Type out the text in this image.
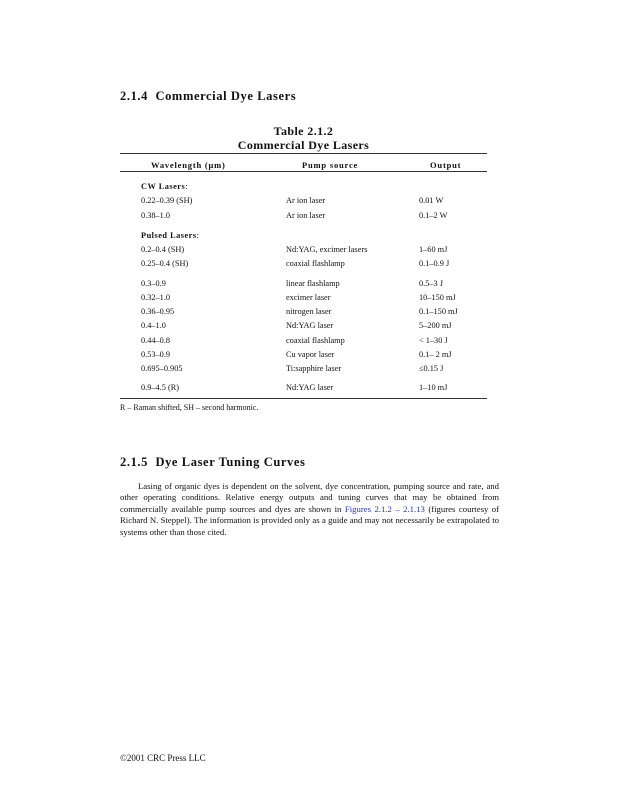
2.1.4 Commercial Dye Lasers
Table 2.1.2
Commercial Dye Lasers
Wavelength (μm)	Pump source	Output
CW Lasers:
0.22–0.39 (SH)	Ar ion laser	0.01 W
0.38–1.0	Ar ion laser	0.1–2 W
Pulsed Lasers:
0.2–0.4 (SH)	Nd:YAG, excimer lasers	1–60 mJ
0.25–0.4 (SH)	coaxial flashlamp	0.1–0.9 J
0.3–0.9	linear flashlamp	0.5–3 J
0.32–1.0	excimer laser	10–150 mJ
0.36–0.95	nitrogen laser	0.1–150 mJ
0.4–1.0	Nd:YAG laser	5–200 mJ
0.44–0.8	coaxial flashlamp	< 1–30 J
0.53–0.9	Cu vapor laser	0.1– 2 mJ
0.695–0.905	Ti:sapphire laser	≤0.15 J
0.9–4.5 (R)	Nd:YAG laser	1–10 mJ
R – Raman shifted, SH – second harmonic.
2.1.5 Dye Laser Tuning Curves
Lasing of organic dyes is dependent on the solvent, dye concentration, pumping source and rate, and other operating conditions. Relative energy outputs and tuning curves that may be obtained from commercially available pump sources and dyes are shown in Figures 2.1.2 – 2.1.13 (figures courtesy of Richard N. Steppel). The information is provided only as a guide and may not necessarily be extrapolated to systems other than those cited.
©2001 CRC Press LLC
